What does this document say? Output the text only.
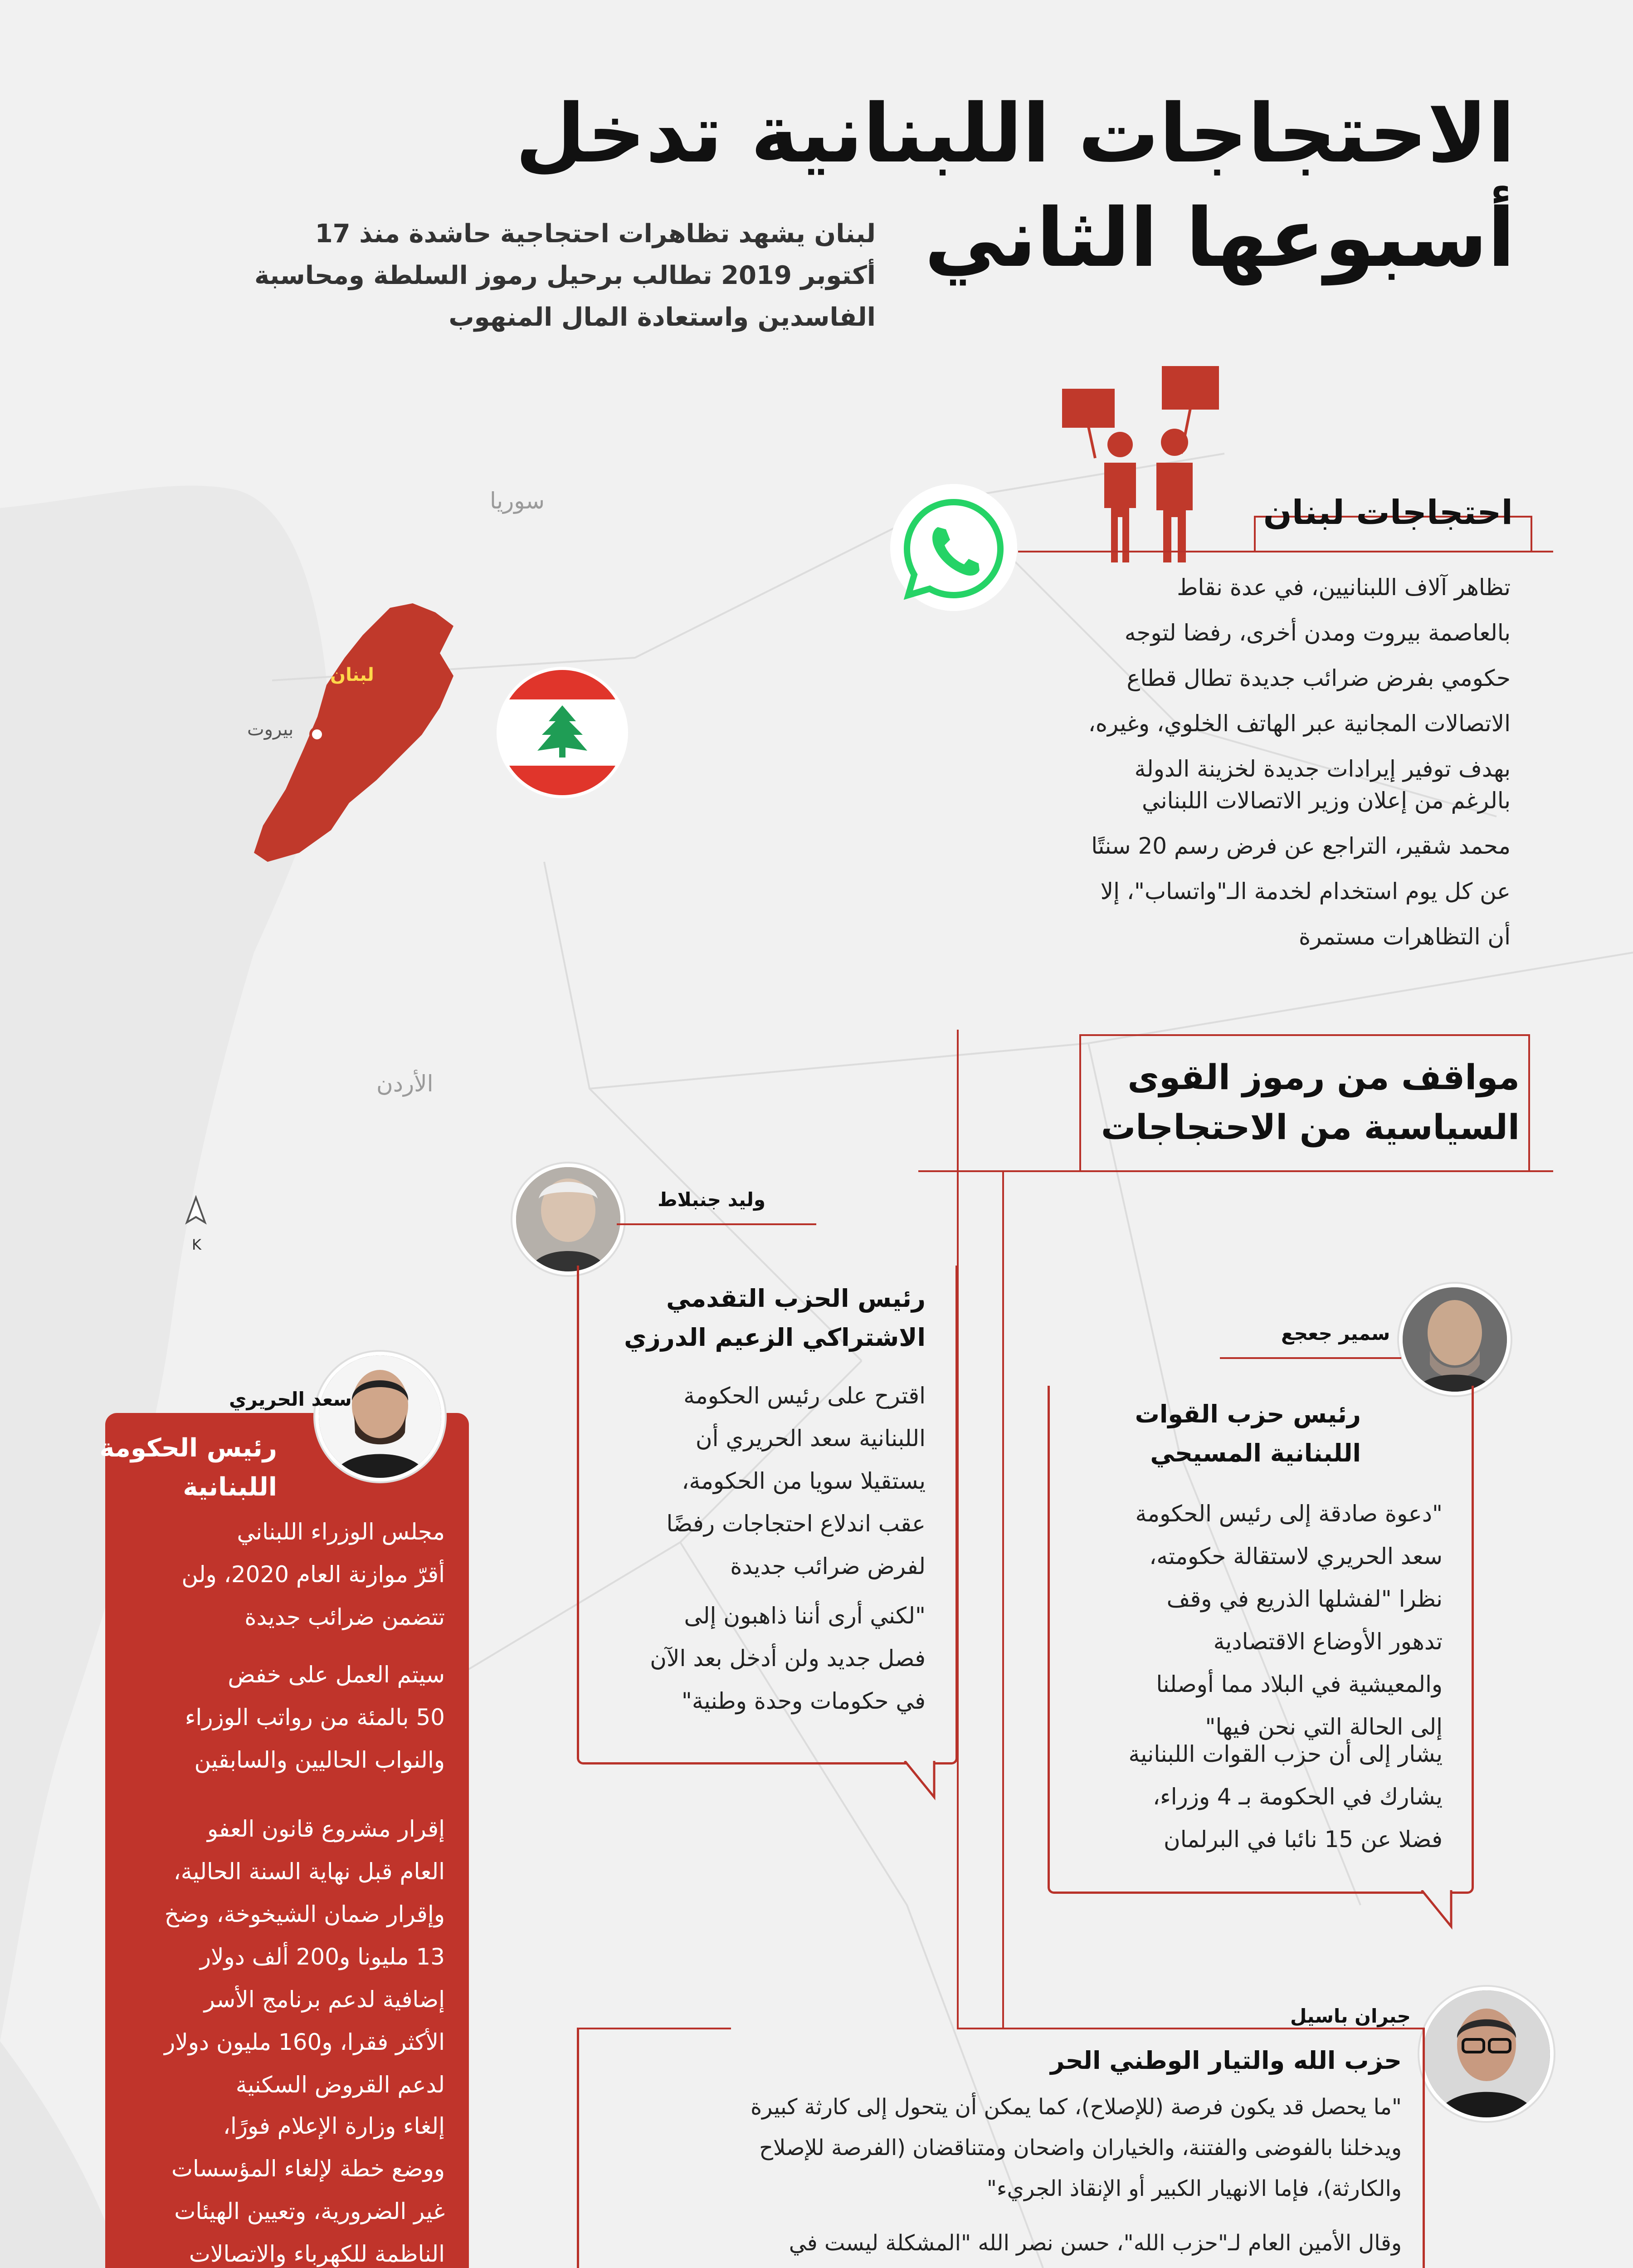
الاحتجاجات اللبنانية تدخل
أسبوعها الثاني
لبنان يشهد تظاهرات احتجاجية حاشدة منذ 17
أكتوبر 2019 تطالب برحيل رموز السلطة ومحاسبة
الفاسدين واستعادة المال المنهوب
سوريا
الأردن
لبنان
بيروت
K
احتجاجات لبنان
تظاهر آلاف اللبنانيين، في عدة نقاط
بالعاصمة بيروت ومدن أخرى، رفضا لتوجه
حكومي بفرض ضرائب جديدة تطال قطاع
الاتصالات المجانية عبر الهاتف الخلوي، وغيره،
بهدف توفير إيرادات جديدة لخزينة الدولة
بالرغم من إعلان وزير الاتصالات اللبناني
محمد شقير، التراجع عن فرض رسم 20 سنتًا
عن كل يوم استخدام لخدمة الـ"واتساب"، إلا
أن التظاهرات مستمرة
مواقف من رموز القوى
السياسية من الاحتجاجات
وليد جنبلاط
رئيس الحزب التقدمي
الاشتراكي الزعيم الدرزي
اقترح على رئيس الحكومة
اللبنانية سعد الحريري أن
يستقيلا سويا من الحكومة،
عقب اندلاع احتجاجات رفضًا
لفرض ضرائب جديدة
"لكني أرى أننا ذاهبون إلى
فصل جديد ولن أدخل بعد الآن
في حكومات وحدة وطنية"
سمير جعجع
رئيس حزب القوات
اللبنانية المسيحي
"دعوة صادقة إلى رئيس الحكومة
سعد الحريري لاستقالة حكومته،
نظرا "لفشلها الذريع في وقف
تدهور الأوضاع الاقتصادية
والمعيشية في البلاد مما أوصلنا
إلى الحالة التي نحن فيها"
يشار إلى أن حزب القوات اللبنانية
يشارك في الحكومة بـ 4 وزراء،
فضلا عن 15 نائبا في البرلمان
سعد الحريري
رئيس الحكومة
اللبنانية
مجلس الوزراء اللبناني
أقرّ موازنة العام 2020، ولن
تتضمن ضرائب جديدة
سيتم العمل على خفض
50 بالمئة من رواتب الوزراء
والنواب الحاليين والسابقين
إقرار مشروع قانون العفو
العام قبل نهاية السنة الحالية،
وإقرار ضمان الشيخوخة، وضخ
13 مليونا و200 ألف دولار
إضافية لدعم برنامج الأسر
الأكثر فقرا، و160 مليون دولار
لدعم القروض السكنية
إلغاء وزارة الإعلام فورًا،
ووضع خطة لإلغاء المؤسسات
غير الضرورية، وتعيين الهيئات
الناظمة للكهرباء والاتصالات
جبران باسيل
حزب الله والتيار الوطني الحر
"ما يحصل قد يكون فرصة (للإصلاح)، كما يمكن أن يتحول إلى كارثة كبيرة
ويدخلنا بالفوضى والفتنة، والخياران واضحان ومتناقضان (الفرصة للإصلاح
والكارثة)، فإما الانهيار الكبير أو الإنقاذ الجريء"
وقال الأمين العام لـ"حزب الله"، حسن نصر الله "المشكلة ليست في
